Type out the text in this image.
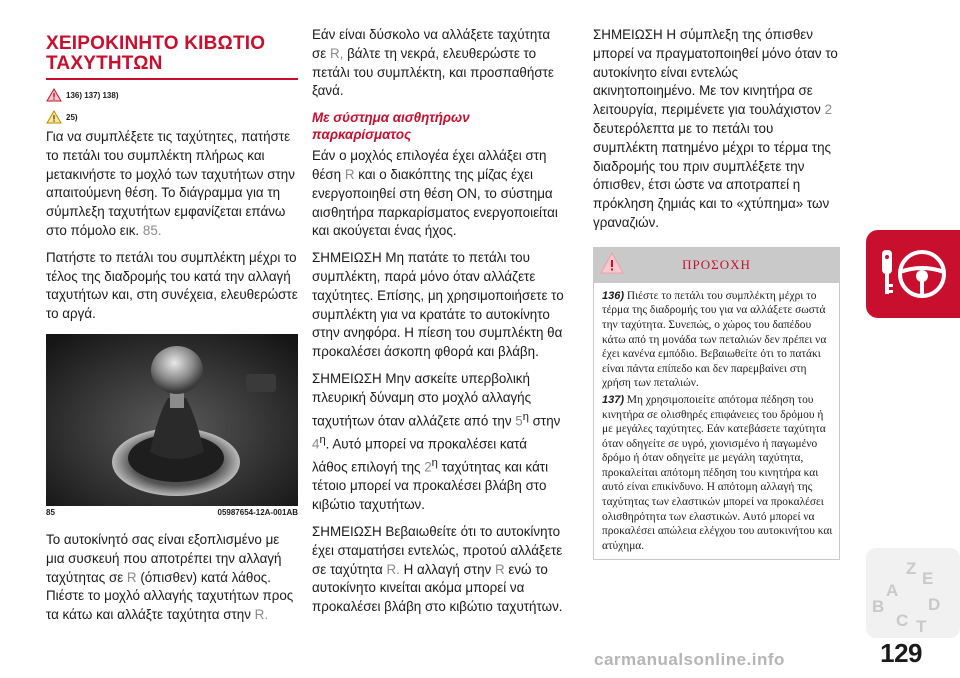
ΧΕΙΡΟΚΙΝΗΤΟ ΚΙΒΩΤΙΟ ΤΑΧΥΤΗΤΩΝ
136) 137) 138)
25)

Για να συμπλέξετε τις ταχύτητες, πατήστε το πετάλι του συμπλέκτη πλήρως και μετακινήστε το μοχλό των ταχυτήτων στην απαιτούμενη θέση. Το διάγραμμα για τη σύμπλεξη ταχυτήτων εμφανίζεται επάνω στο πόμολο εικ. 85.

Πατήστε το πετάλι του συμπλέκτη μέχρι το τέλος της διαδρομής του κατά την αλλαγή ταχυτήτων και, στη συνέχεια, ελευθερώστε το αργά.

85	05987654-12A-001AB

Το αυτοκίνητό σας είναι εξοπλισμένο με μια συσκευή που αποτρέπει την αλλαγή ταχύτητας σε R (όπισθεν) κατά λάθος. Πιέστε το μοχλό αλλαγής ταχυτήτων προς τα κάτω και αλλάξτε ταχύτητα στην R.

Εάν είναι δύσκολο να αλλάξετε ταχύτητα σε R, βάλτε τη νεκρά, ελευθερώστε το πετάλι του συμπλέκτη, και προσπαθήστε ξανά.

Με σύστημα αισθητήρων παρκαρίσματος

Εάν ο μοχλός επιλογέα έχει αλλάξει στη θέση R και ο διακόπτης της μίζας έχει ενεργοποιηθεί στη θέση ON, το σύστημα αισθητήρα παρκαρίσματος ενεργοποιείται και ακούγεται ένας ήχος.

ΣΗΜΕΙΩΣΗ Μη πατάτε το πετάλι του συμπλέκτη, παρά μόνο όταν αλλάζετε ταχύτητες. Επίσης, μη χρησιμοποιήσετε το συμπλέκτη για να κρατάτε το αυτοκίνητο στην ανηφόρα. Η πίεση του συμπλέκτη θα προκαλέσει άσκοπη φθορά και βλάβη.

ΣΗΜΕΙΩΣΗ Μην ασκείτε υπερβολική πλευρική δύναμη στο μοχλό αλλαγής ταχυτήτων όταν αλλάζετε από την $5^\eta$ στην $4^\eta$. Αυτό μπορεί να προκαλέσει κατά λάθος επιλογή της $2^\eta$ ταχύτητας και κάτι τέτοιο μπορεί να προκαλέσει βλάβη στο κιβώτιο ταχυτήτων.

ΣΗΜΕΙΩΣΗ Βεβαιωθείτε ότι το αυτοκίνητο έχει σταματήσει εντελώς, προτού αλλάξετε σε ταχύτητα R. Η αλλαγή στην R ενώ το αυτοκίνητο κινείται ακόμα μπορεί να προκαλέσει βλάβη στο κιβώτιο ταχυτήτων.

ΣΗΜΕΙΩΣΗ Η σύμπλεξη της όπισθεν μπορεί να πραγματοποιηθεί μόνο όταν το αυτοκίνητο είναι εντελώς ακινητοποιημένο. Με τον κινητήρα σε λειτουργία, περιμένετε για τουλάχιστον 2 δευτερόλεπτα με το πετάλι του συμπλέκτη πατημένο μέχρι το τέρμα της διαδρομής του πριν συμπλέξετε την όπισθεν, έτσι ώστε να αποτραπεί η πρόκληση ζημιάς και το «χτύπημα» των γραναζιών.

ΠΡΟΣΟΧΗ
136) Πιέστε το πετάλι του συμπλέκτη μέχρι το τέρμα της διαδρομής του για να αλλάξετε σωστά την ταχύτητα. Συνεπώς, ο χώρος του δαπέδου κάτω από τη μονάδα των πεταλιών δεν πρέπει να έχει κανένα εμπόδιο. Βεβαιωθείτε ότι το πατάκι είναι πάντα επίπεδο και δεν παρεμβαίνει στη χρήση των πεταλιών.
137) Μη χρησιμοποιείτε απότομα πέδηση του κινητήρα σε ολισθηρές επιφάνειες του δρόμου ή με μεγάλες ταχύτητες. Εάν κατεβάσετε ταχύτητα όταν οδηγείτε σε υγρό, χιονισμένο ή παγωμένο δρόμο ή όταν οδηγείτε με μεγάλη ταχύτητα, προκαλείται απότομη πέδηση του κινητήρα και αυτό είναι επικίνδυνο. Η απότομη αλλαγή της ταχύτητας των ελαστικών μπορεί να προκαλέσει ολισθηρότητα των ελαστικών. Αυτό μπορεί να προκαλέσει απώλεια ελέγχου του αυτοκινήτου και ατύχημα.
Z
E
A
B
C
D
T
129
carmanualsonline.info
